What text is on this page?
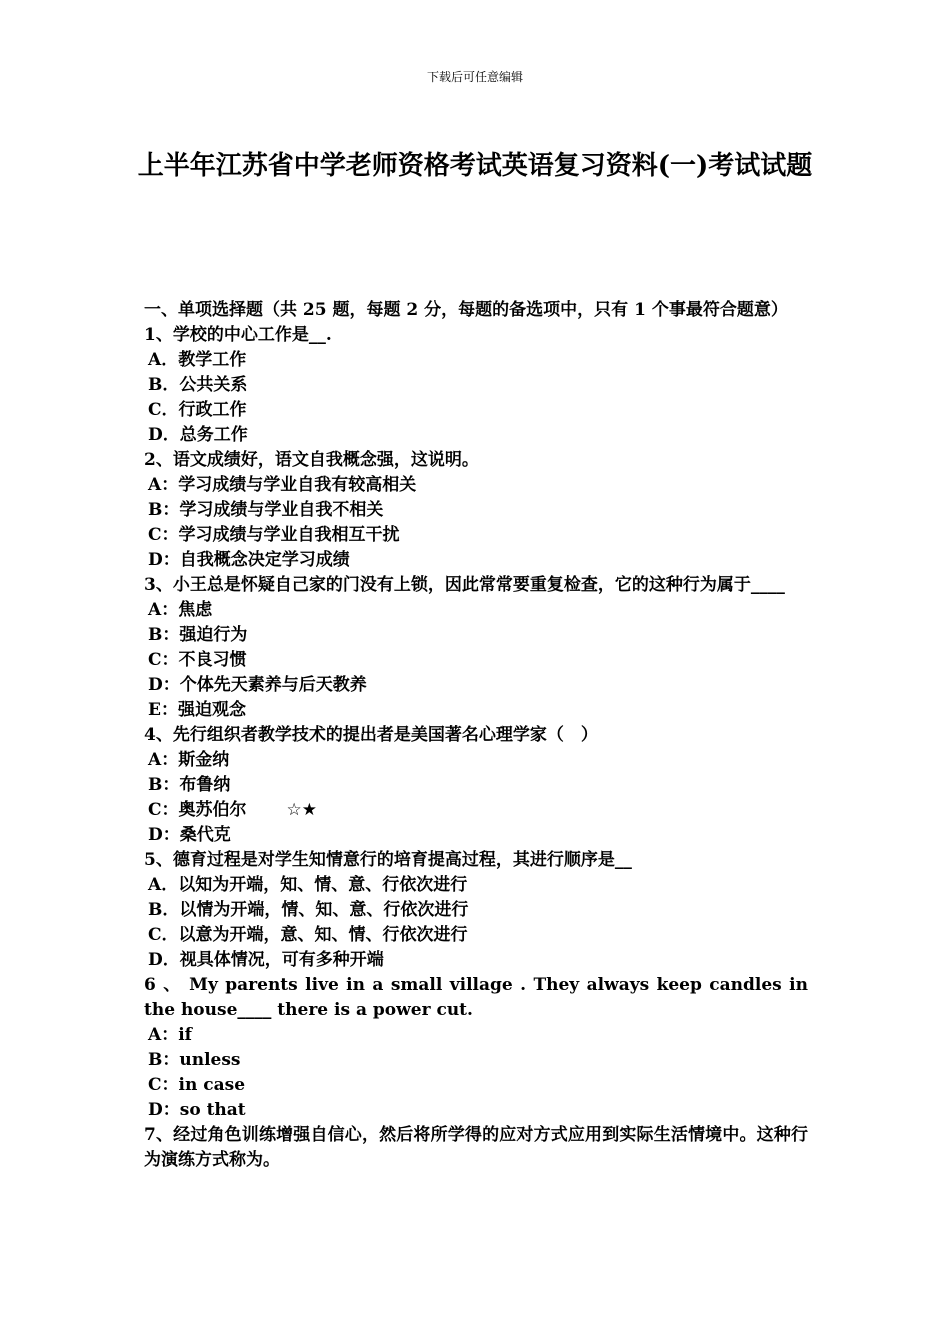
下载后可任意编辑
上半年江苏省中学老师资格考试英语复习资料(一)考试试题

一、单项选择题（共 25 题，每题 2 分，每题的备选项中，只有 1 个事最符合题意）

1、学校的中心工作是__.

A．教学工作

B．公共关系

C．行政工作

D．总务工作

2、语文成绩好，语文自我概念强，这说明。

A：学习成绩与学业自我有较高相关

B：学习成绩与学业自我不相关

C：学习成绩与学业自我相互干扰

D：自我概念决定学习成绩

3、小王总是怀疑自己家的门没有上锁，因此常常要重复检查，它的这种行为属于____

A：焦虑

B：强迫行为

C：不良习惯

D：个体先天素养与后天教养

E：强迫观念

4、先行组织者教学技术的提出者是美国著名心理学家（　）

A：斯金纳

B：布鲁纳

C：奥苏伯尔 ☆★

D：桑代克

5、德育过程是对学生知情意行的培育提高过程，其进行顺序是__

A．以知为开端，知、情、意、行依次进行

B．以情为开端，情、知、意、行依次进行

C．以意为开端，意、知、情、行依次进行

D．视具体情况，可有多种开端

6 、 My parents live in a small village . They always keep candles in the house____ there is a power cut.

A：if

B：unless

C：in case

D：so that

7、经过角色训练增强自信心，然后将所学得的应对方式应用到实际生活情境中。这种行为演练方式称为。
